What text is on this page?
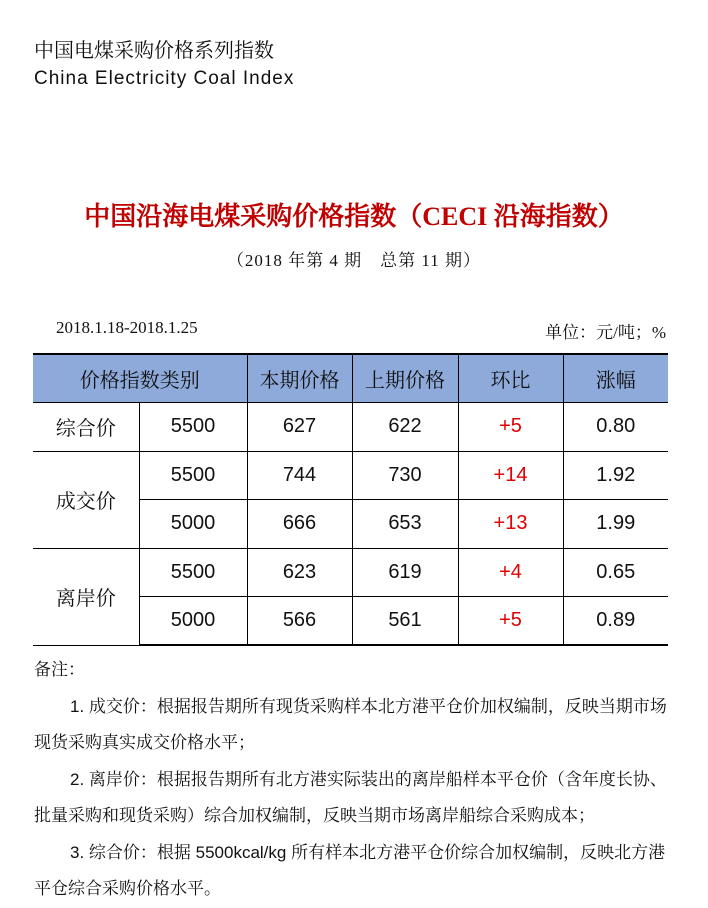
中国电煤采购价格系列指数
China Electricity Coal Index
中国沿海电煤采购价格指数（CECI 沿海指数）
（2018 年第 4 期　总第 11 期）
2018.1.18-2018.1.25	单位：元/吨；%
价格指数类别		本期价格	上期价格	环比	涨幅
综合价	5500	627	622	+5	0.80
成交价	5500	744	730	+14	1.92
	5000	666	653	+13	1.99
离岸价	5500	623	619	+4	0.65
	5000	566	561	+5	0.89
备注：
1. 成交价：根据报告期所有现货采购样本北方港平仓价加权编制，反映当期市场现货采购真实成交价格水平；
2. 离岸价：根据报告期所有北方港实际装出的离岸船样本平仓价（含年度长协、批量采购和现货采购）综合加权编制，反映当期市场离岸船综合采购成本；
3. 综合价：根据 5500kcal/kg 所有样本北方港平仓价综合加权编制，反映北方港平仓综合采购价格水平。
